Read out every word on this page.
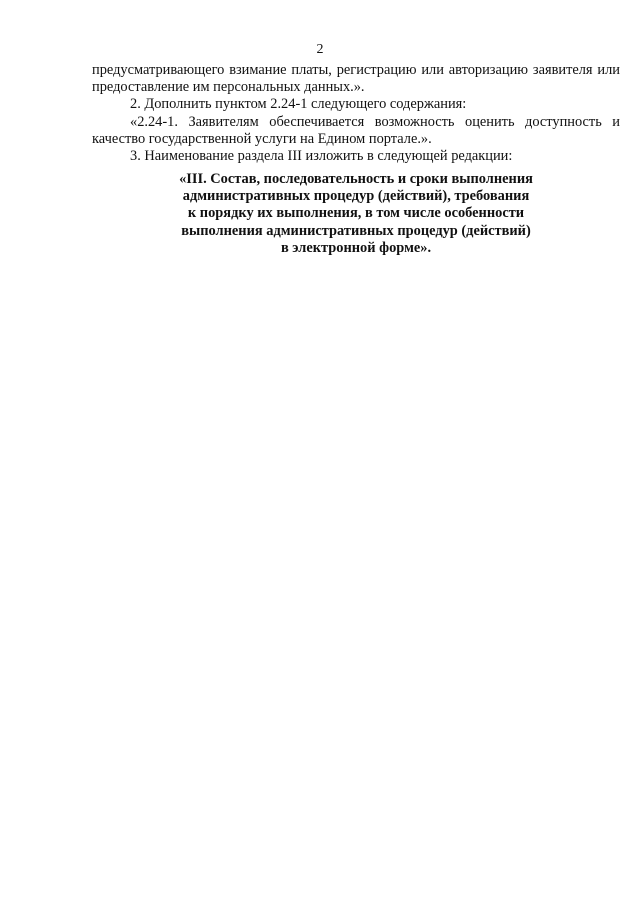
2

предусматривающего взимание платы, регистрацию или авторизацию заявителя или предоставление им персональных данных.».

2. Дополнить пунктом 2.24-1 следующего содержания:

«2.24-1. Заявителям обеспечивается возможность оценить доступность и качество государственной услуги на Едином портале.».

3. Наименование раздела III изложить в следующей редакции:

«III. Состав, последовательность и сроки выполнения
административных процедур (действий), требования
к порядку их выполнения, в том числе особенности
выполнения административных процедур (действий)
в электронной форме».
